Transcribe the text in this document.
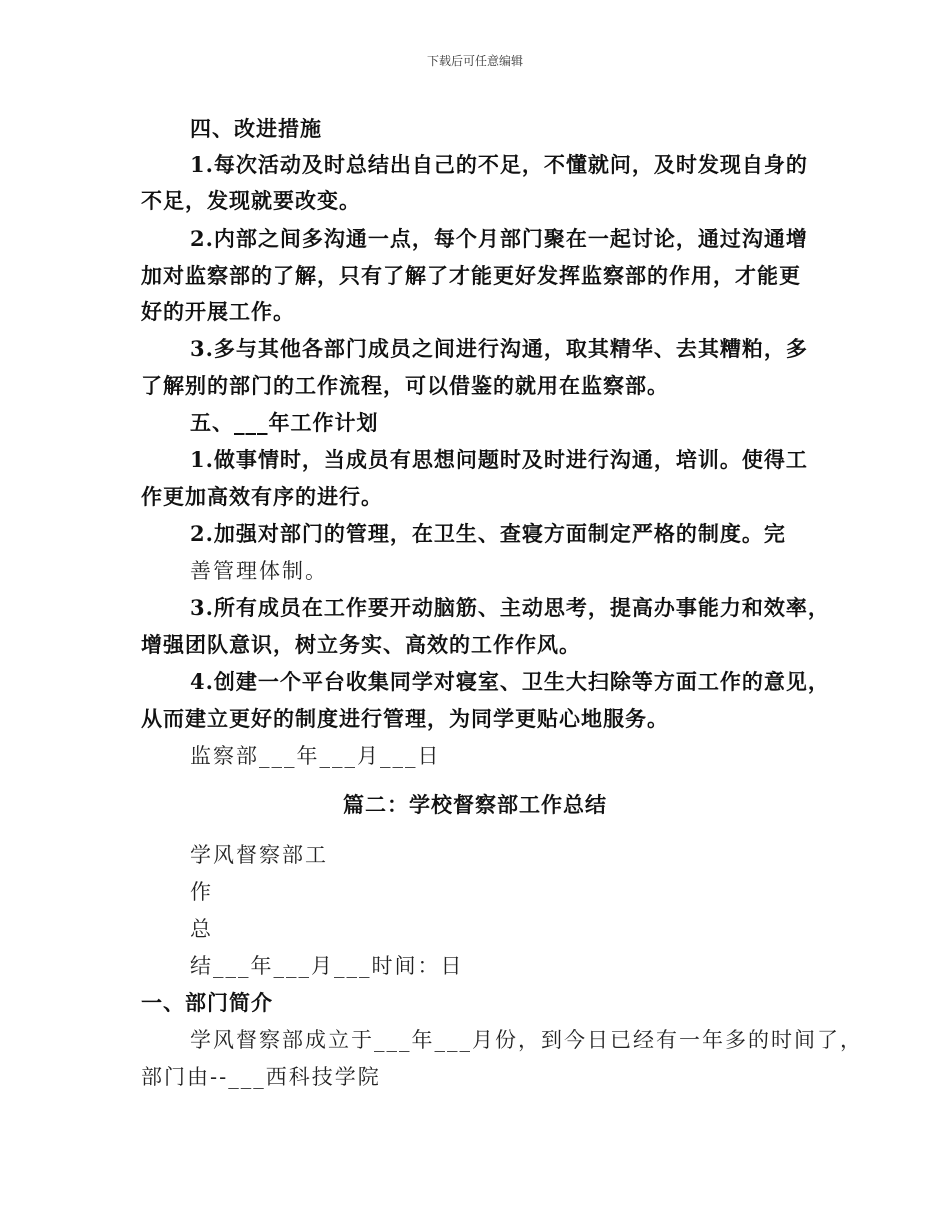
下载后可任意编辑
四、改进措施
1.每次活动及时总结出自己的不足，不懂就问，及时发现自身的
不足，发现就要改变。
2.内部之间多沟通一点，每个月部门聚在一起讨论，通过沟通增
加对监察部的了解，只有了解了才能更好发挥监察部的作用，才能更
好的开展工作。
3.多与其他各部门成员之间进行沟通，取其精华、去其糟粕，多
了解别的部门的工作流程，可以借鉴的就用在监察部。
五、___年工作计划
1.做事情时，当成员有思想问题时及时进行沟通，培训。使得工
作更加高效有序的进行。
2.加强对部门的管理，在卫生、查寝方面制定严格的制度。完
善管理体制。
3.所有成员在工作要开动脑筋、主动思考，提高办事能力和效率，
增强团队意识，树立务实、高效的工作作风。
4.创建一个平台收集同学对寝室、卫生大扫除等方面工作的意见，
从而建立更好的制度进行管理，为同学更贴心地服务。
监察部___年___月___日
篇二：学校督察部工作总结
学风督察部工
作
总
结___年___月___时间：日
一、部门简介
学风督察部成立于___年___月份，到今日已经有一年多的时间了，
部门由--___西科技学院
